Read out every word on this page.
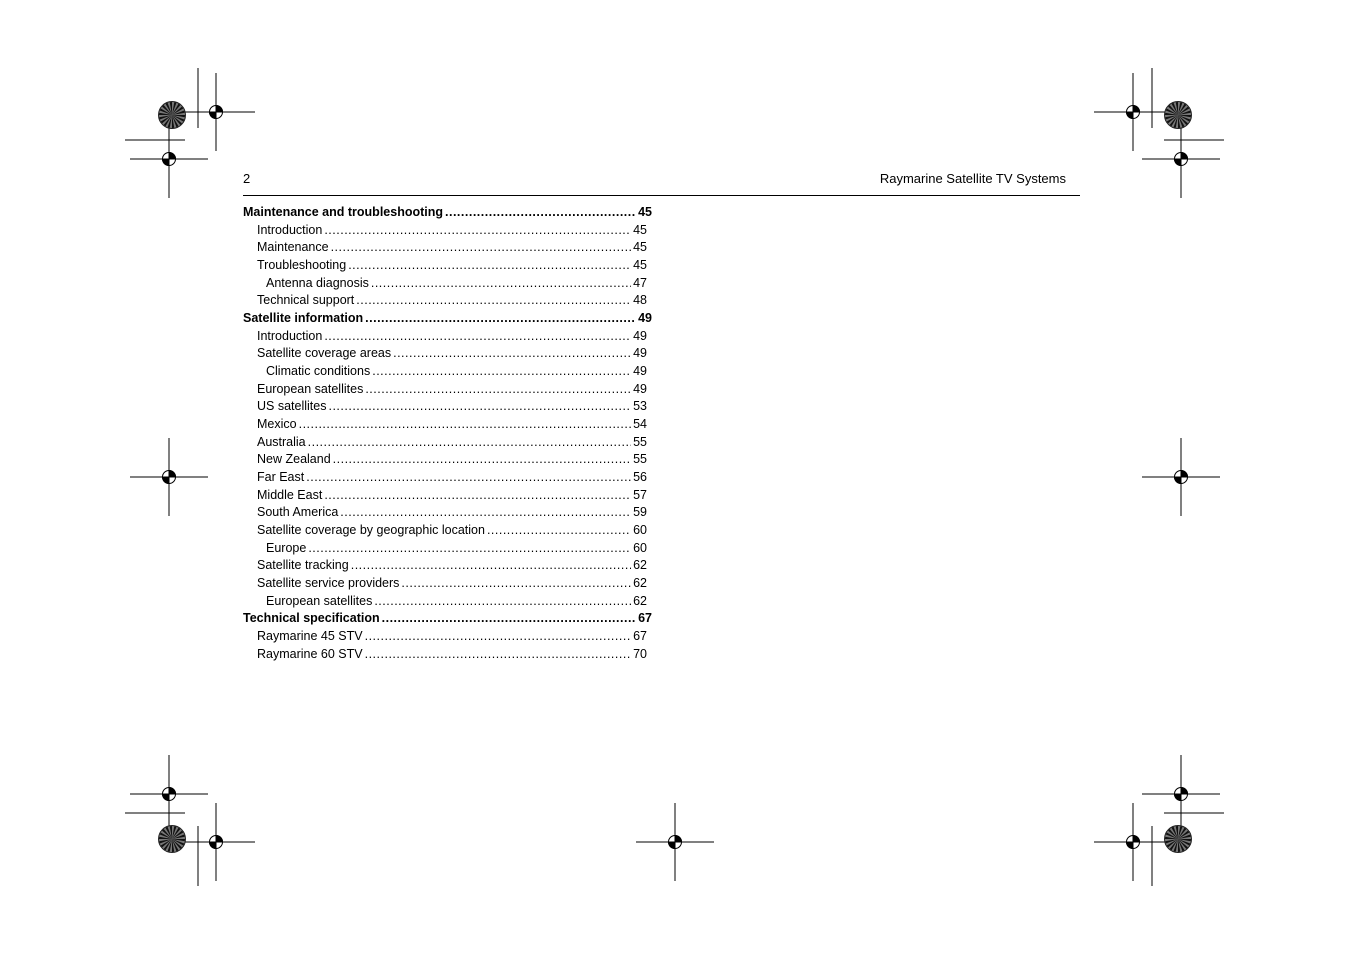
2	Raymarine Satellite TV Systems
Maintenance and troubleshooting .....	45
Introduction .....	45
Maintenance .....	45
Troubleshooting .....	45
Antenna diagnosis .....	47
Technical support .....	48
Satellite information .....	49
Introduction .....	49
Satellite coverage areas .....	49
Climatic conditions .....	49
European satellites .....	49
US satellites .....	53
Mexico .....	54
Australia .....	55
New Zealand .....	55
Far East .....	56
Middle East .....	57
South America .....	59
Satellite coverage by geographic location .....	60
Europe .....	60
Satellite tracking .....	62
Satellite service providers .....	62
European satellites .....	62
Technical specification .....	67
Raymarine 45 STV .....	67
Raymarine 60 STV .....	70
